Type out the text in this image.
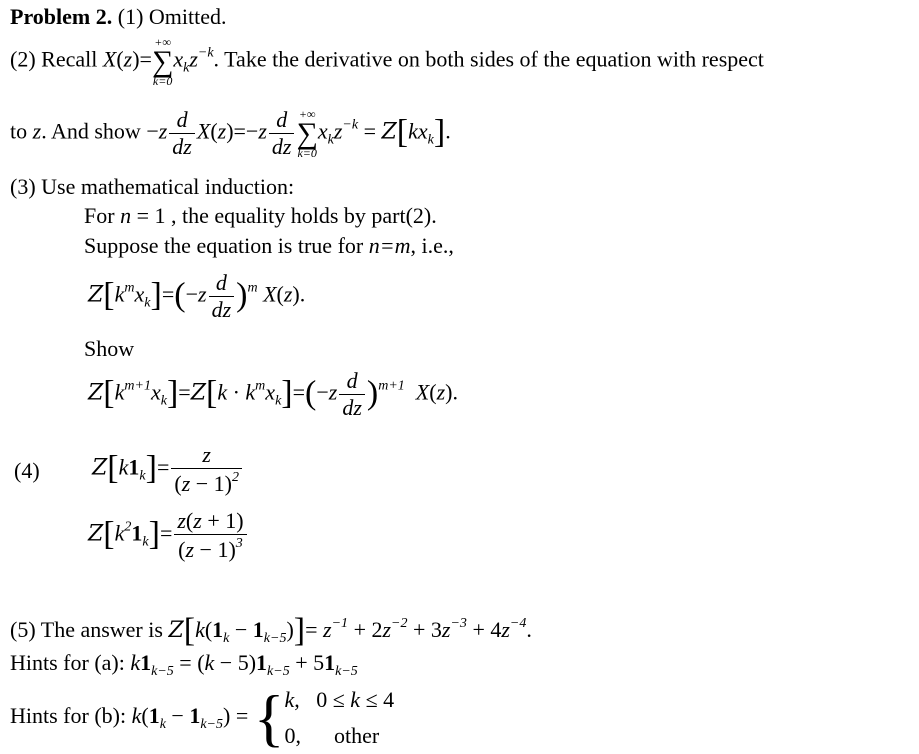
Problem 2. (1) Omitted.
(2) Recall X(z)=
+∞
∑
k=0
$x_kz^{-k}$. Take the derivative on both sides of the equation with respect
to z. And show $-z \frac{d}{dz} X(z)=-z \frac{d}{dz}$ +∞
∑
k=0
$x_kz^{-k} = Z[kx_k]$.
(3) Use mathematical induction:
For n = 1 , the equality holds by part(2).
Suppose the equation is true for n=m, i.e.,
$Z[k^mx_k]=(-z \frac{d}{dz} )^m$ X(z).
Show
$Z[k^{m+1}x_k]=Z[k \cdot k^mx_k]=(-z \frac{d}{dz} )^{m+1}$ X(z).
(4) $Z[k1_k]= \frac{z}{(z - 1)^2}$
$Z[k^21_k]= \frac{z(z + 1)}{(z - 1)^3}$
(5) The answer is $Z[k(1_k - 1_{k-5})]= z^{-1} + 2z^{-2} + 3z^{-3} + 4z^{-4}$.
Hints for (a): $k1_{k-5} = (k - 5)1_{k-5} + 51_{k-5}$
Hints for (b): $k(1_k - 1_{k-5})$ = { k,   0 ≤ k ≤ 4
0,      other
